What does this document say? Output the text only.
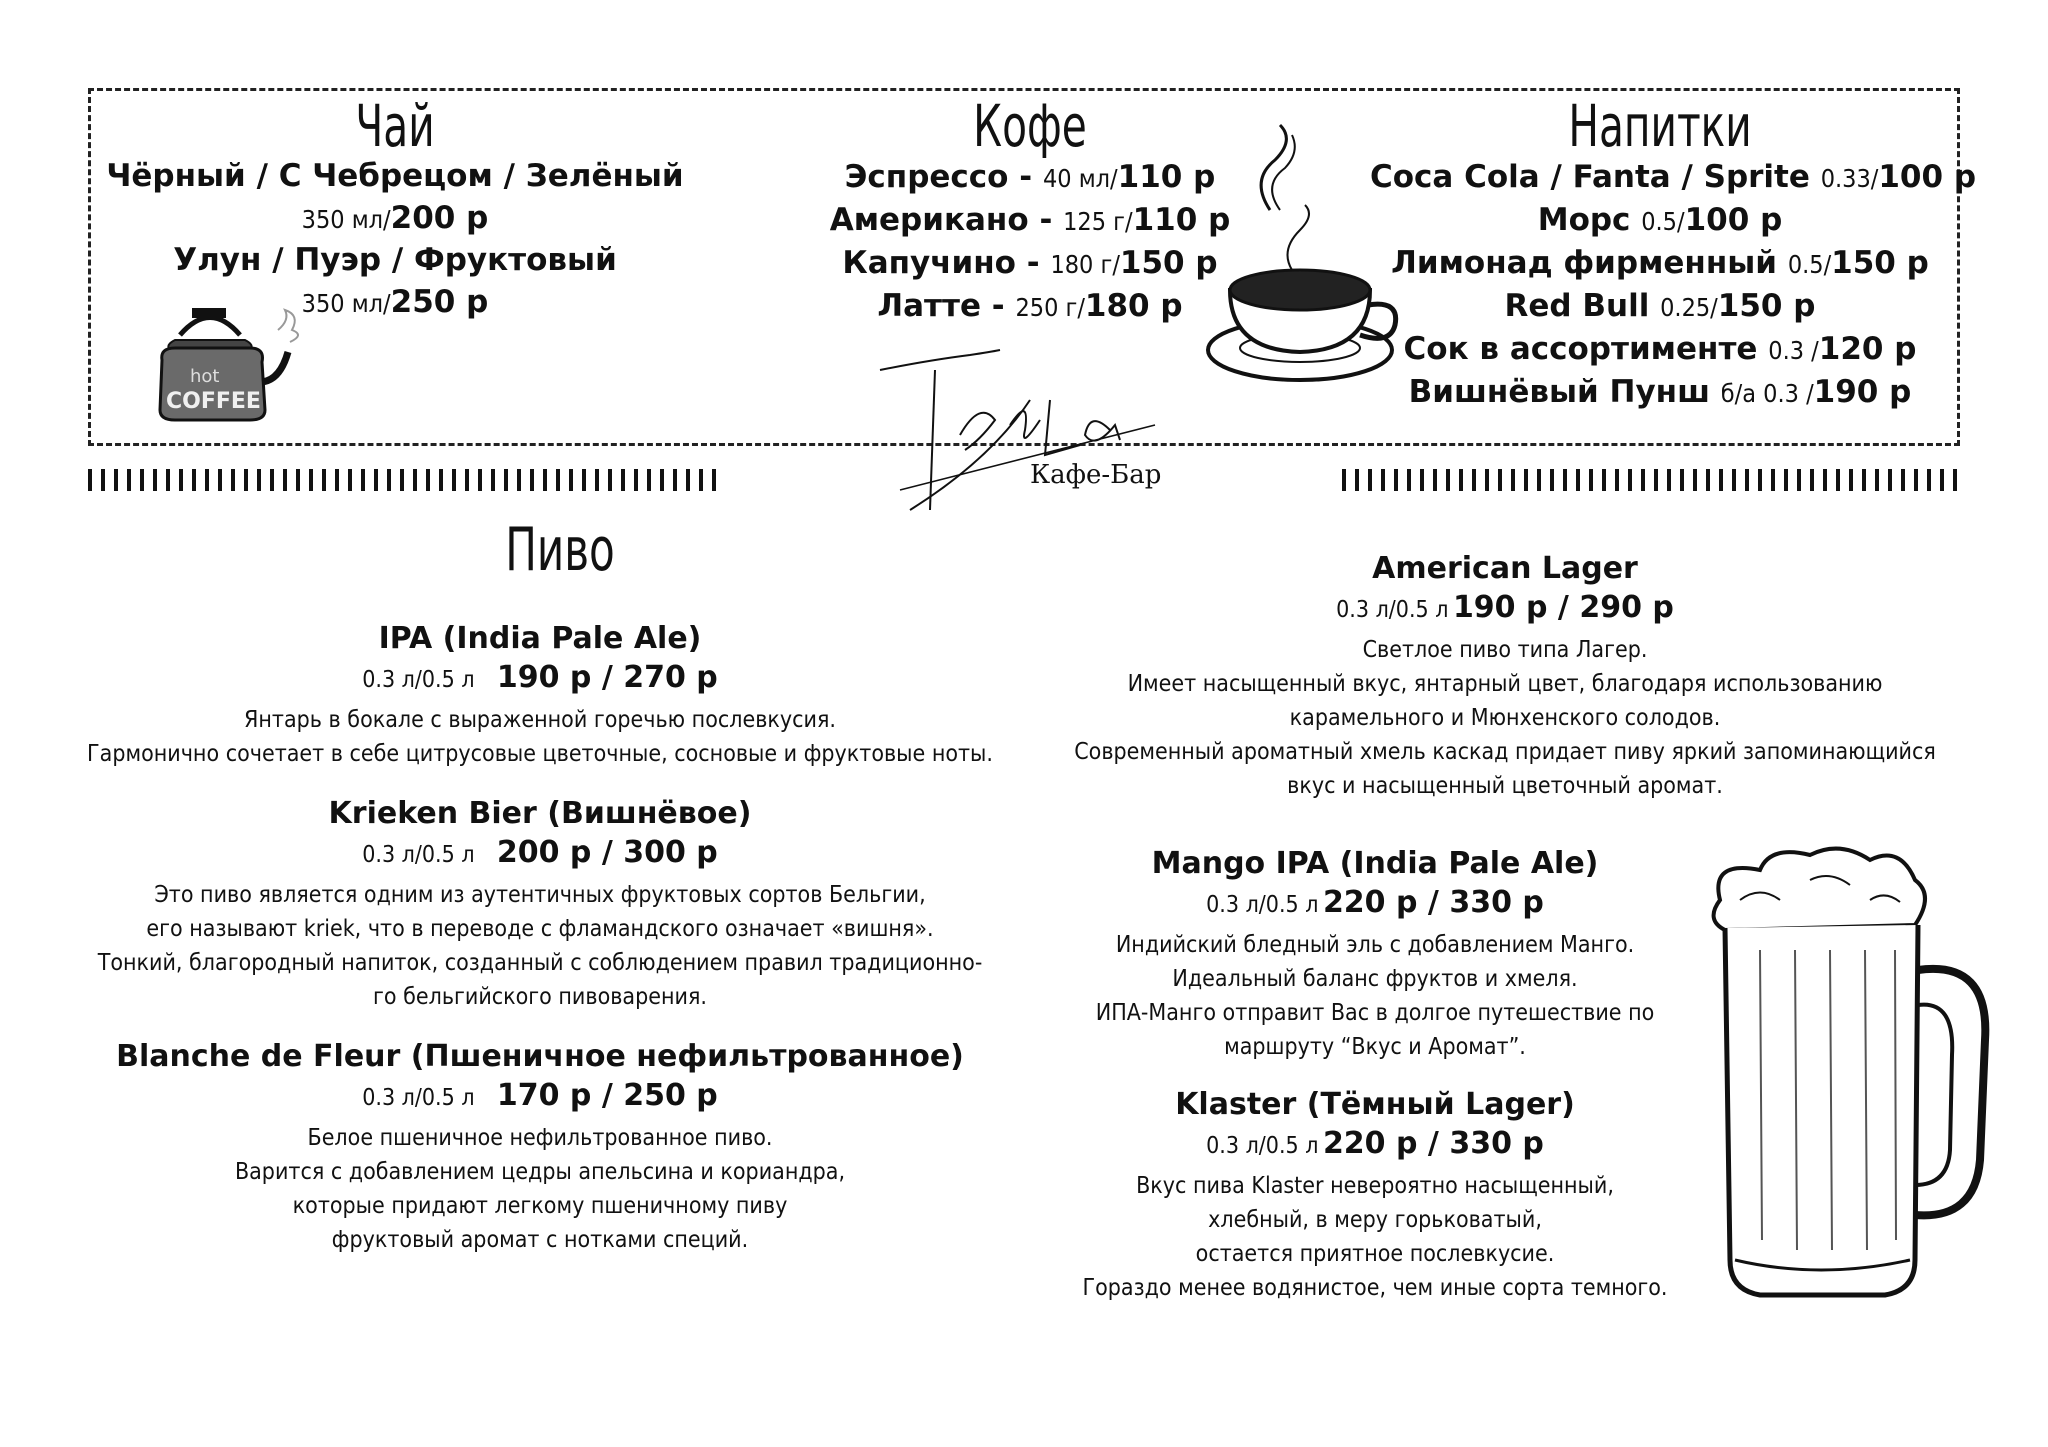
Чай
Чёрный / С Чебрецом / Зелёный
350 мл/200 р
Улун / Пуэр / Фруктовый
350 мл/250 р
hot
COFFEE
Кофе
Эспрессо - 40 мл/110 р
Американо - 125 г/110 р
Капучино - 180 г/150 р
Латте - 250 г/180 р
Кафе-Бар
Напитки
Coca Cola / Fanta / Sprite 0.33/100 р
Морс 0.5/100 р
Лимонад фирменный 0.5/150 р
Red Bull 0.25/150 р
Сок в ассортименте 0.3 /120 р
Вишнёвый Пунш б/а 0.3 /190 р
Пиво
IPA (India Pale Ale)
0.3 л/0.5 л 190 р / 270 р
Янтарь в бокале с выраженной горечью послевкусия.
Гармонично сочетает в себе цитрусовые цветочные, сосновые и фруктовые ноты.
Krieken Bier (Вишнёвое)
0.3 л/0.5 л 200 р / 300 р
Это пиво является одним из аутентичных фруктовых сортов Бельгии,
его называют kriek, что в переводе с фламандского означает «вишня».
Тонкий, благородный напиток, созданный с соблюдением правил традиционно-
го бельгийского пивоварения.
Blanche de Fleur (Пшеничное нефильтрованное)
0.3 л/0.5 л 170 р / 250 р
Белое пшеничное нефильтрованное пиво.
Варится с добавлением цедры апельсина и кориандра,
которые придают легкому пшеничному пиву
фруктовый аромат с нотками специй.
American Lager
0.3 л/0.5 л 190 р / 290 р
Светлое пиво типа Лагер.
Имеет насыщенный вкус, янтарный цвет, благодаря использованию
карамельного и Мюнхенского солодов.
Современный ароматный хмель каскад придает пиву яркий запоминающийся
вкус и насыщенный цветочный аромат.
Mango IPA (India Pale Ale)
0.3 л/0.5 л 220 р / 330 р
Индийский бледный эль с добавлением Манго.
Идеальный баланс фруктов и хмеля.
ИПА-Манго отправит Вас в долгое путешествие по
маршруту “Вкус и Аромат”.
Klaster (Тёмный Lager)
0.3 л/0.5 л 220 р / 330 р
Вкус пива Klaster невероятно насыщенный,
хлебный, в меру горьковатый,
остается приятное послевкусие.
Гораздо менее водянистое, чем иные сорта темного.
